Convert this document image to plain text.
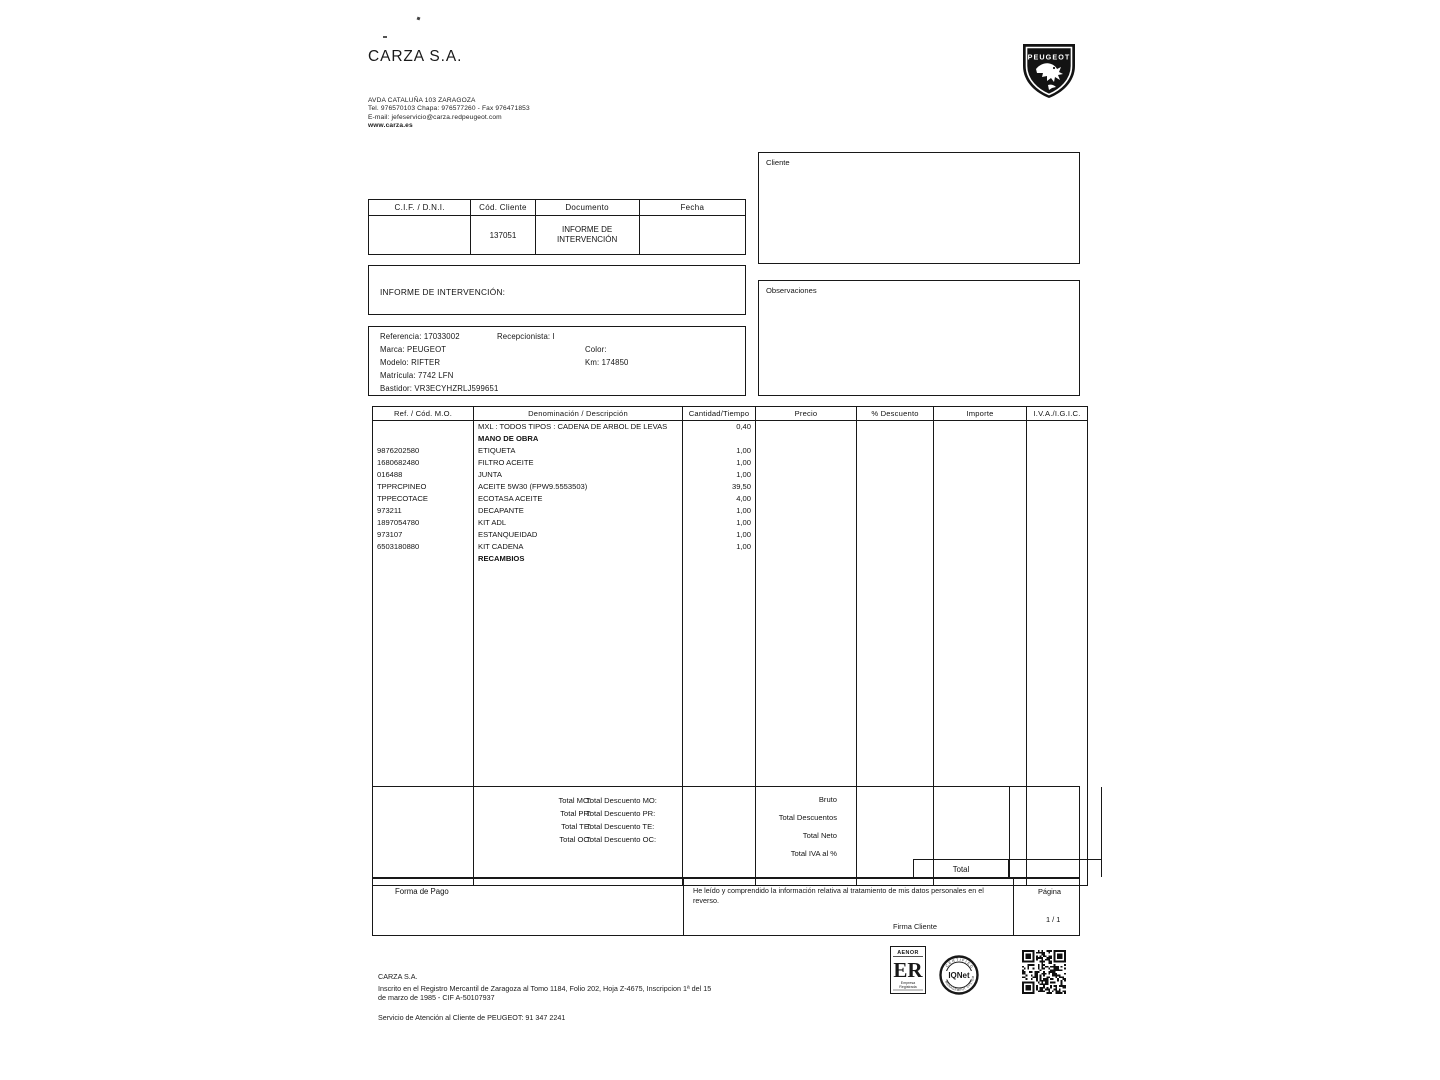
CARZA S.A.
AVDA CATALUÑA 103 ZARAGOZA
Tel. 976570103 Chapa: 976577260 - Fax 976471853
E-mail: jefeservicio@carza.redpeugeot.com
www.carza.es
PEUGEOT
C.I.F. / D.N.I.	Cód. Cliente	Documento	Fecha
	137051	INFORME DE
INTERVENCIÓN	

INFORME DE INTERVENCIÓN:
Referencia: 17033002	Recepcionista: I
Marca: PEUGEOT	Color:
Modelo: RIFTER	Km: 174850
Matrícula: 7742 LFN
Bastidor: VR3ECYHZRLJ599651
Cliente
Observaciones
Ref. / Cód. M.O.	Denominación / Descripción	Cantidad/Tiempo	Precio	% Descuento	Importe	I.V.A./I.G.I.C.
	MXL : TODOS TIPOS : CADENA DE ARBOL DE LEVAS	0,40				
	MANO DE OBRA					
9876202580	ETIQUETA	1,00				
1680682480	FILTRO ACEITE	1,00				
016488	JUNTA	1,00				
TPPRCPINEO	ACEITE 5W30 (FPW9.5553503)	39,50				
TPPECOTACE	ECOTASA ACEITE	4,00				
973211	DECAPANTE	1,00				
1897054780	KIT ADL	1,00				
973107	ESTANQUEIDAD	1,00				
6503180880	KIT CADENA	1,00				
	RECAMBIOS					

Total MO:
Total PR:
Total TE:
Total OC:
Total Descuento MO:
Total Descuento PR:
Total Descuento TE:
Total Descuento OC:
Bruto
Total Descuentos
Total Neto
Total IVA al %
Total
Forma de Pago	He leído y comprendido la información relativa al tratamiento de mis datos personales en el reverso.
Firma Cliente
Página
1 / 1
CARZA S.A.
Inscrito en el Registro Mercantil de Zaragoza al Tomo 1184, Folio 202, Hoja Z-4675, Inscripcion 1ª del 15
de marzo de 1985 - CIF A-50107937
Servicio de Atención al Cliente de PEUGEOT: 91 347 2241
AENOR
ER
Empresa
Registrada
IQNet
CERTIFIED
MANAGEMENT SYSTEM
